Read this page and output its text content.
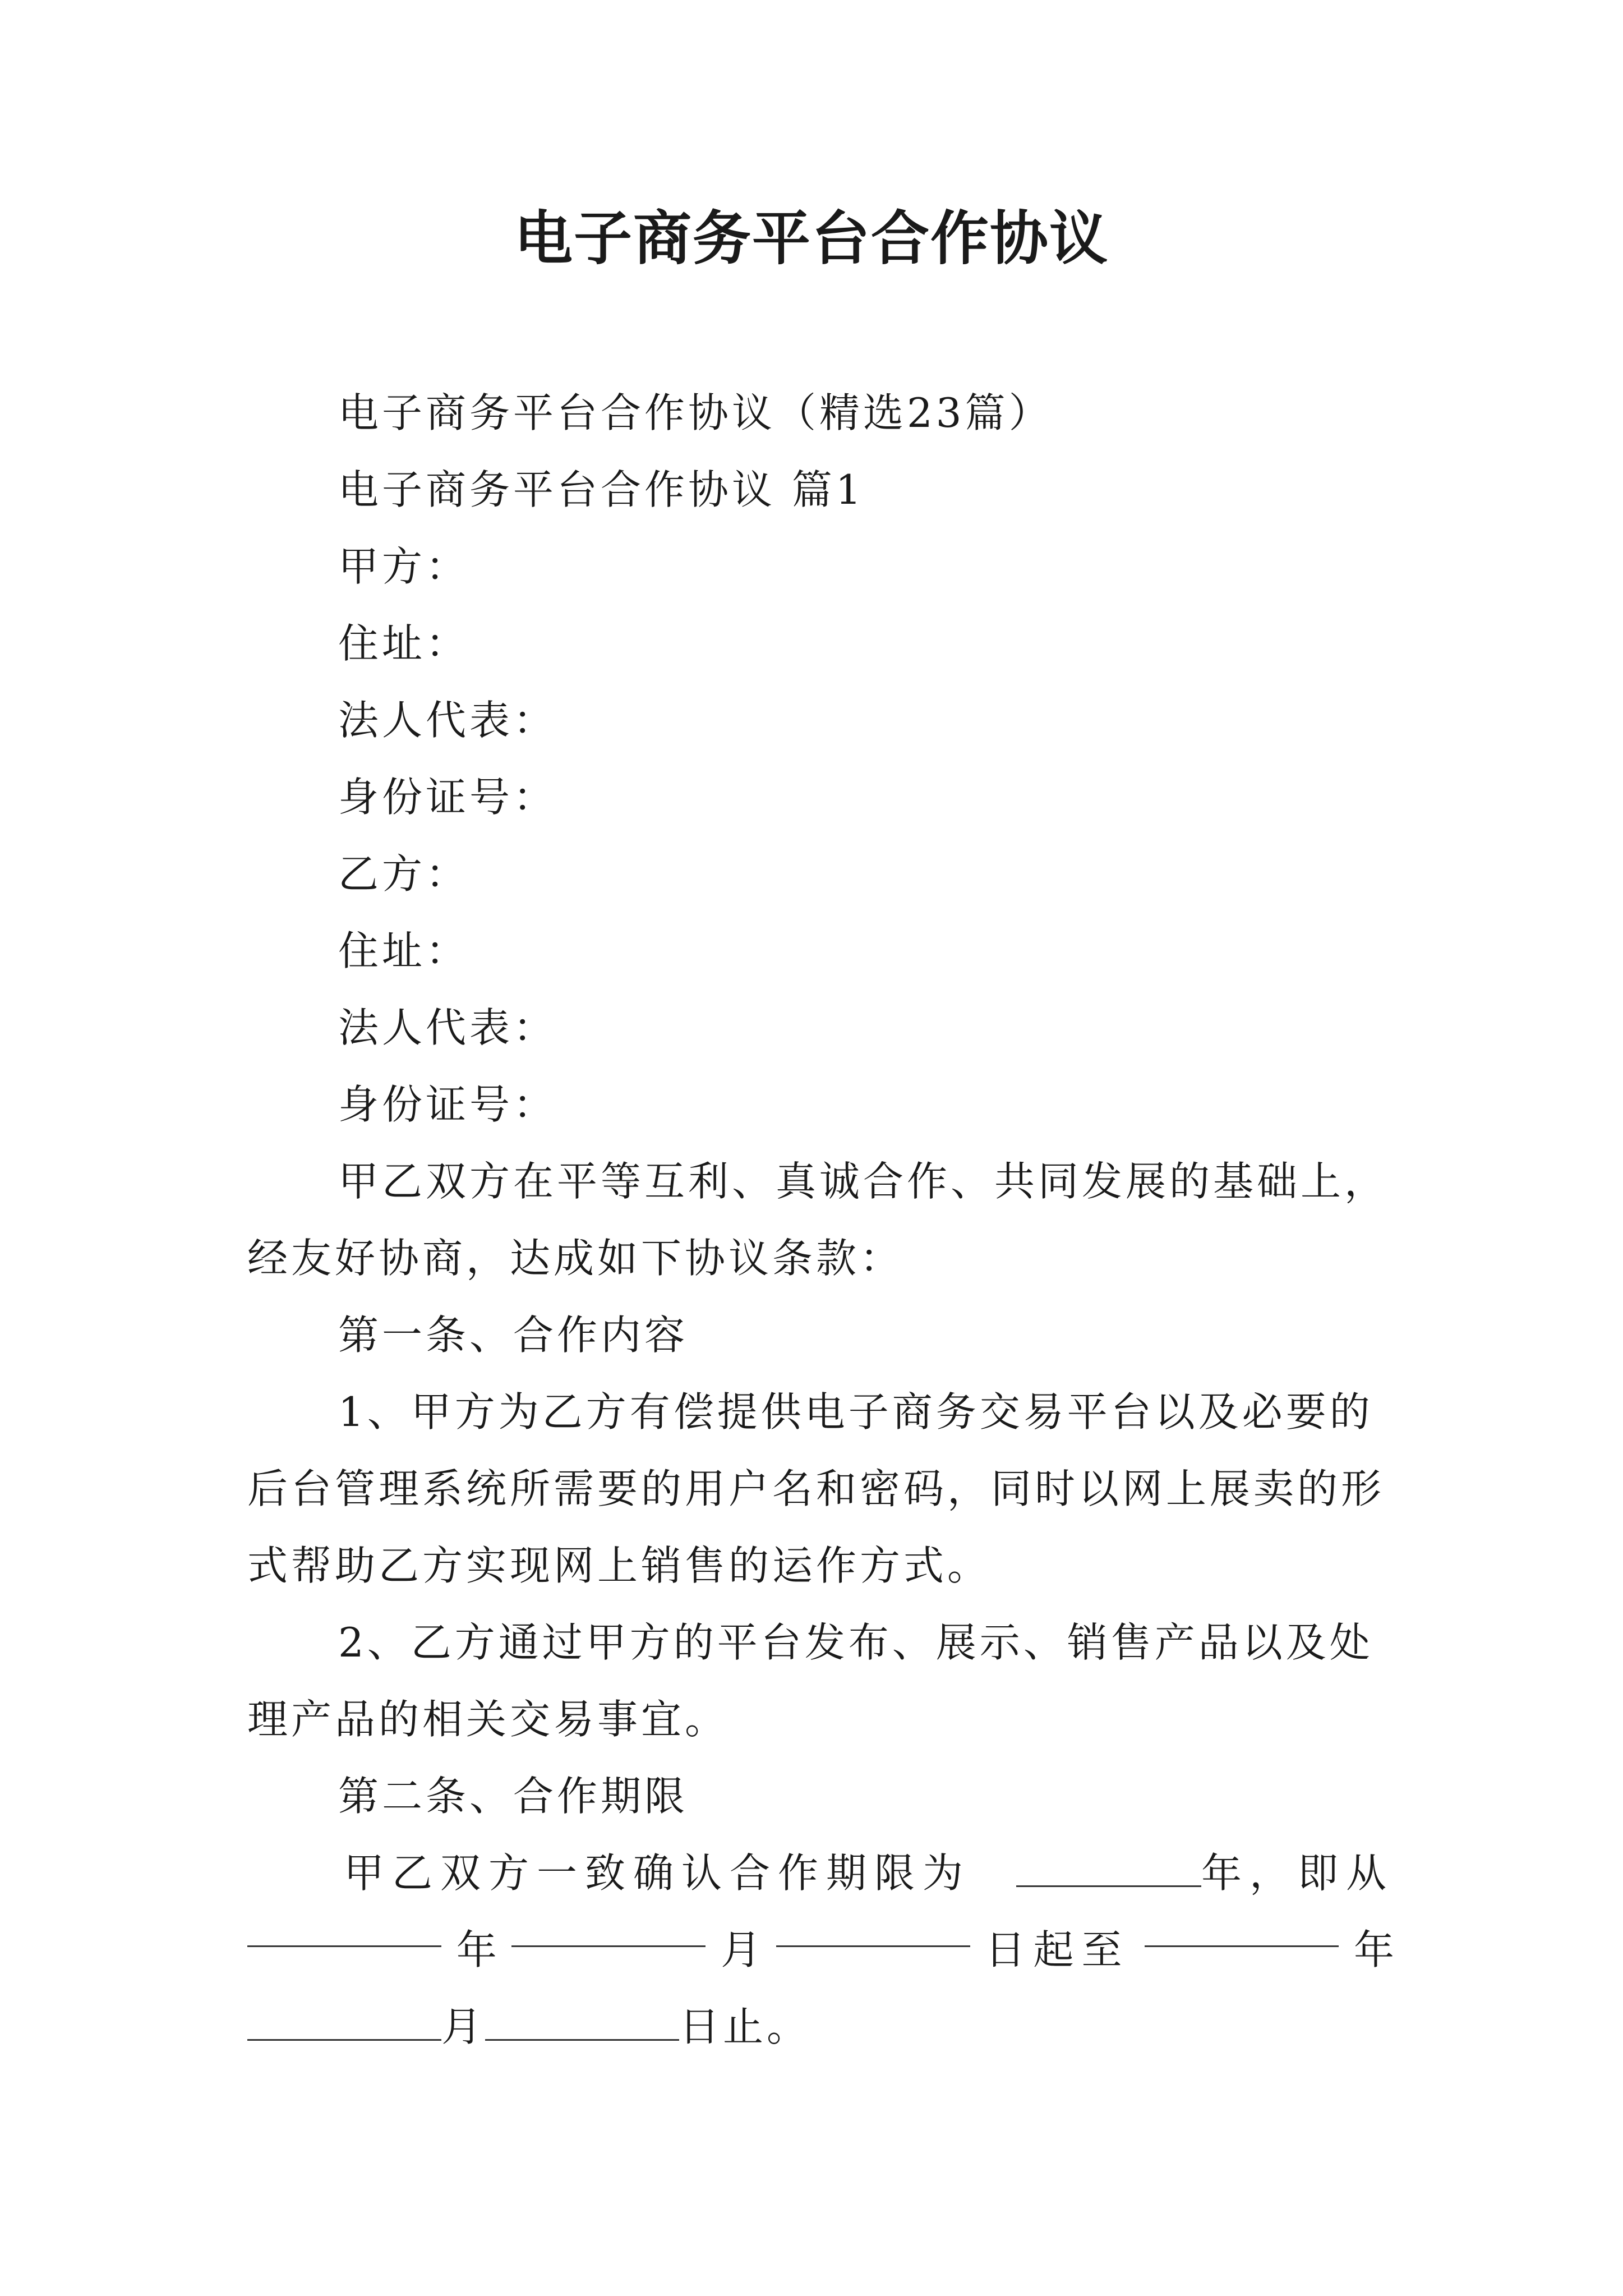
电子商务平台合作协议
电子商务平台合作协议（精选23篇）
电子商务平台合作协议 篇1
甲方：
住址：
法人代表：
身份证号：
乙方：
住址：
法人代表：
身份证号：
甲乙双方在平等互利、真诚合作、共同发展的基础上，
经友好协商，达成如下协议条款：
第一条、合作内容
1、甲方为乙方有偿提供电子商务交易平台以及必要的
后台管理系统所需要的用户名和密码，同时以网上展卖的形
式帮助乙方实现网上销售的运作方式。
2、乙方通过甲方的平台发布、展示、销售产品以及处
理产品的相关交易事宜。
第二条、合作期限
甲乙双方一致确认合作期限为	年，即从
年	月	日起至	年
月	日止。
